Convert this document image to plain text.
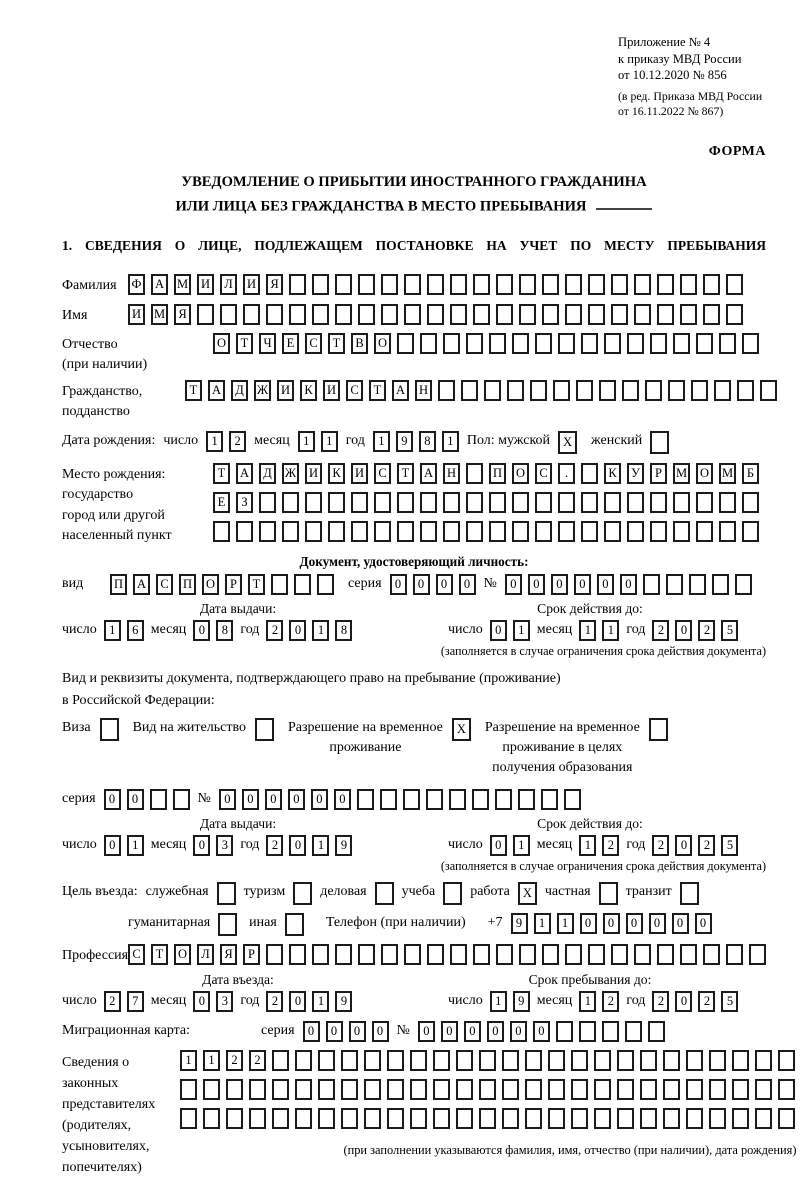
Приложение № 4
к приказу МВД России
от 10.12.2020 № 856
(в ред. Приказа МВД России
от 16.11.2022 № 867)
ФОРМА
УВЕДОМЛЕНИЕ О ПРИБЫТИИ ИНОСТРАННОГО ГРАЖДАНИНА
ИЛИ ЛИЦА БЕЗ ГРАЖДАНСТВА В МЕСТО ПРЕБЫВАНИЯ
1. СВЕДЕНИЯ О ЛИЦЕ, ПОДЛЕЖАЩЕМ ПОСТАНОВКЕ НА УЧЕТ ПО МЕСТУ ПРЕБЫВАНИЯ
Фамилия	Ф	А	М	И	Л	И	Я
Имя	И	М	Я
Отчество
(при наличии)
О	Т	Ч	Е	С	Т	В	О
Гражданство,
подданство
Т	А	Д	Ж	И	К	И	С	Т	А	Н
Дата рождения: число	1	2 месяц	1	1 год	1	9	8	1 Пол: мужской	X	женский
Место рождения:
государство
город или другой
населенный пункт
Т	А	Д	Ж	И	К	И	С	Т	А	Н	П	О	С	.	К	У	Р	М	О	М	Б
Е	З
Документ, удостоверяющий личность:
вид	П	А	С	П	О	Р	Т	серия	0	0	0	0 №	0	0	0	0	0	0
Дата выдачи:
число 1	6 месяц 0	8 год 2	0	1	8
Срок действия до:
число 0	1 месяц 1	1 год 2	0	2	5
(заполняется в случае ограничения срока действия документа)
Вид и реквизиты документа, подтверждающего право на пребывание (проживание)
в Российской Федерации:
Виза	Вид на жительство	Разрешение на временное
проживание
X	Разрешение на временное
проживание в целях
получения образования
серия	0	0	№	0	0	0	0	0	0
Дата выдачи:
число 0	1 месяц 0	3 год 2	0	1	9
Срок действия до:
число 0	1 месяц 1	2 год 2	0	2	5
(заполняется в случае ограничения срока действия документа)
Цель въезда: служебная	туризм	деловая	учеба	работа	X частная	транзит
гуманитарная	иная	Телефон (при наличии) +7	9	1	1	0	0	0	0	0	0
Профессия С	Т	О	Л	Я	Р
Дата въезда:
число 2	7 месяц 0	3 год 2	0	1	9
Срок пребывания до:
число 1	9 месяц 1	2 год 2	0	2	5
Миграционная карта:	серия	0	0	0	0 №	0	0	0	0	0	0
Сведения о
законных
представителях
(родителях,
усыновителях,
попечителях)
1	1	2	2
(при заполнении указываются фамилия, имя, отчество (при наличии), дата рождения)
